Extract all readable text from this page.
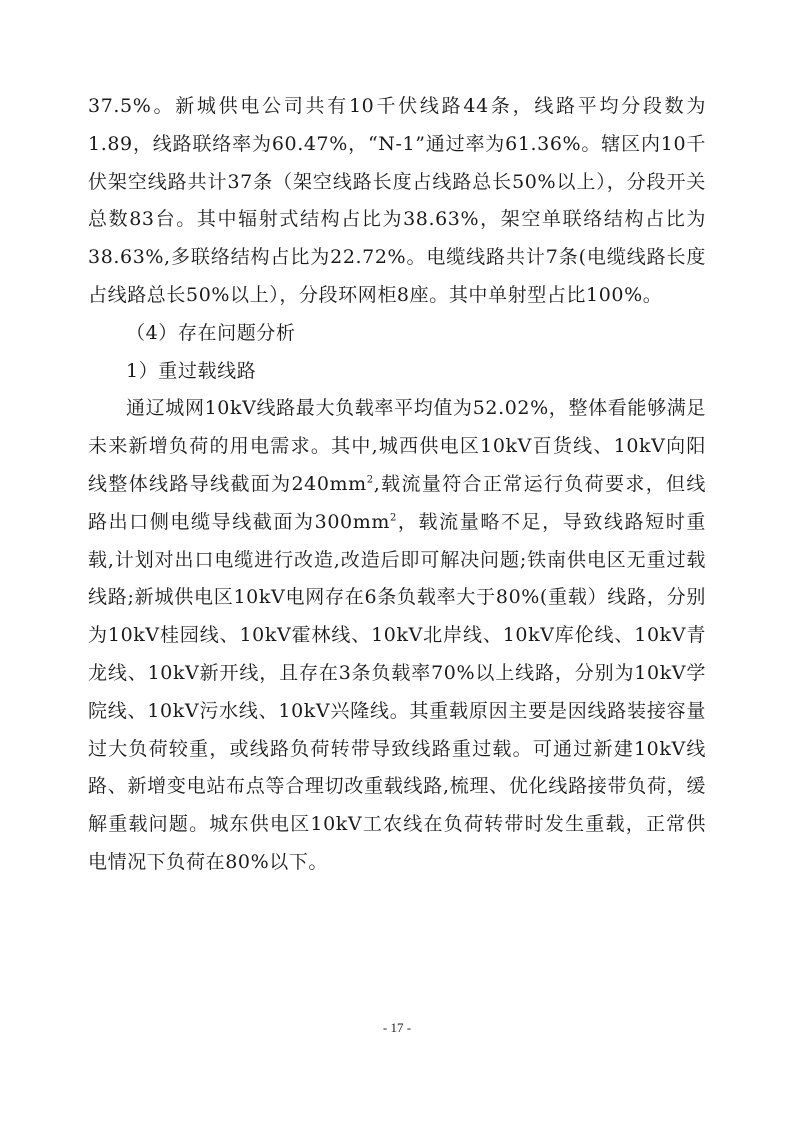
37.5%。新城供电公司共有10千伏线路44条，线路平均分段数为1.89，线路联络率为60.47%，“N-1”通过率为61.36%。辖区内10千伏架空线路共计37条（架空线路长度占线路总长50%以上），分段开关总数83台。其中辐射式结构占比为38.63%，架空单联络结构占比为38.63%,多联络结构占比为22.72%。电缆线路共计7条(电缆线路长度占线路总长50%以上），分段环网柜8座。其中单射型占比100%。

（4）存在问题分析

1）重过载线路

通辽城网10kV线路最大负载率平均值为52.02%，整体看能够满足未来新增负荷的用电需求。其中,城西供电区10kV百货线、10kV向阳线整体线路导线截面为$240mm^2$,载流量符合正常运行负荷要求，但线路出口侧电缆导线截面为$300mm^2$，载流量略不足，导致线路短时重载,计划对出口电缆进行改造,改造后即可解决问题;铁南供电区无重过载线路;新城供电区10kV电网存在6条负载率大于80%(重载）线路，分别为10kV桂园线、10kV霍林线、10kV北岸线、10kV库伦线、10kV青龙线、10kV新开线，且存在3条负载率70%以上线路，分别为10kV学院线、10kV污水线、10kV兴隆线。其重载原因主要是因线路装接容量过大负荷较重，或线路负荷转带导致线路重过载。可通过新建10kV线路、新增变电站布点等合理切改重载线路,梳理、优化线路接带负荷，缓解重载问题。城东供电区10kV工农线在负荷转带时发生重载，正常供电情况下负荷在80%以下。

- 17 -
